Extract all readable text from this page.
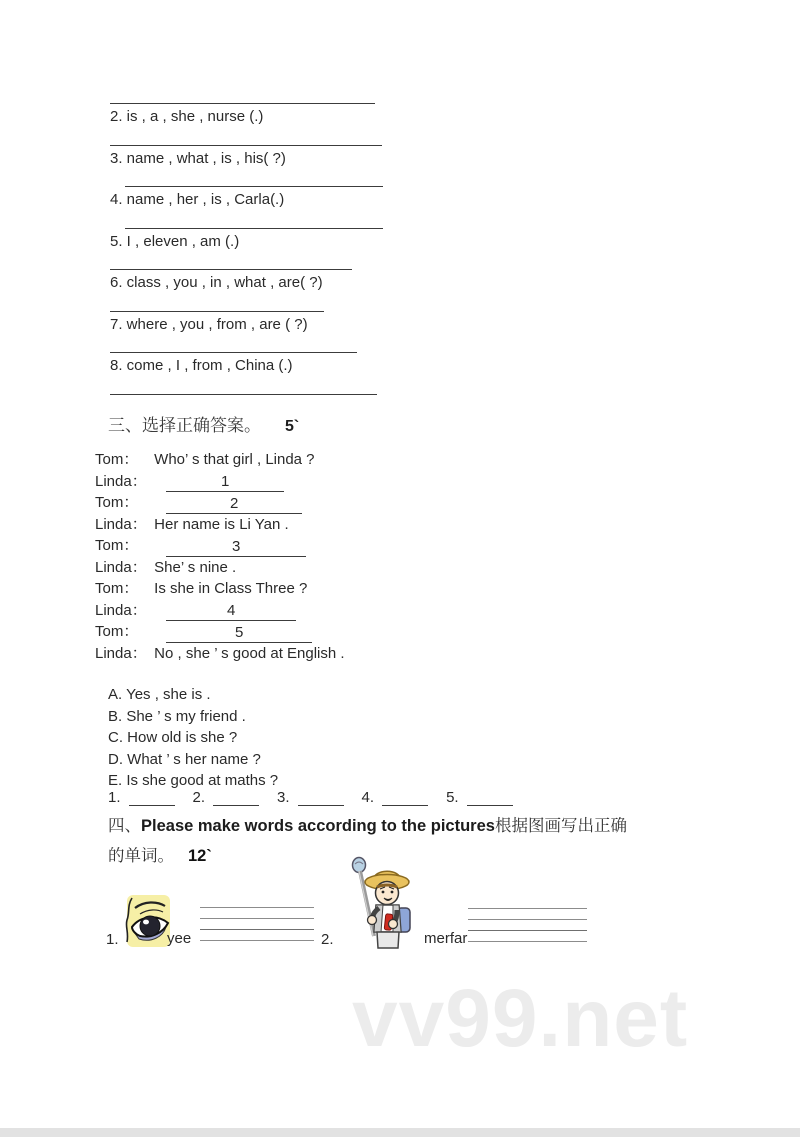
vv99.net
2. is , a , she , nurse (.)
3. name , what , is , his( ?)
4. name , her , is , Carla(.)
5. I , eleven , am (.)
6. class , you , in , what , are( ?)
7. where , you , from , are ( ?)
8. come , I , from , China (.)
三、选择正确答案。 5`
Tom： Who’ s that girl , Linda ?
Linda：	1
Tom：	2
Linda： Her name is Li Yan .
Tom：	3
Linda： She’ s nine .
Tom： Is she in Class Three ?
Linda：	4
Tom：	5
Linda： No , she ’ s good at English .
A. Yes , she is .
B. She ’ s my friend .
C. How old is she ?
D. What ’ s her name ?
E. Is she good at maths ?
1.	2.	3.	4.	5.
四、Please make words according to the pictures根据图画写出正确
的单词。 12`
1.	yee	2.	merfar
